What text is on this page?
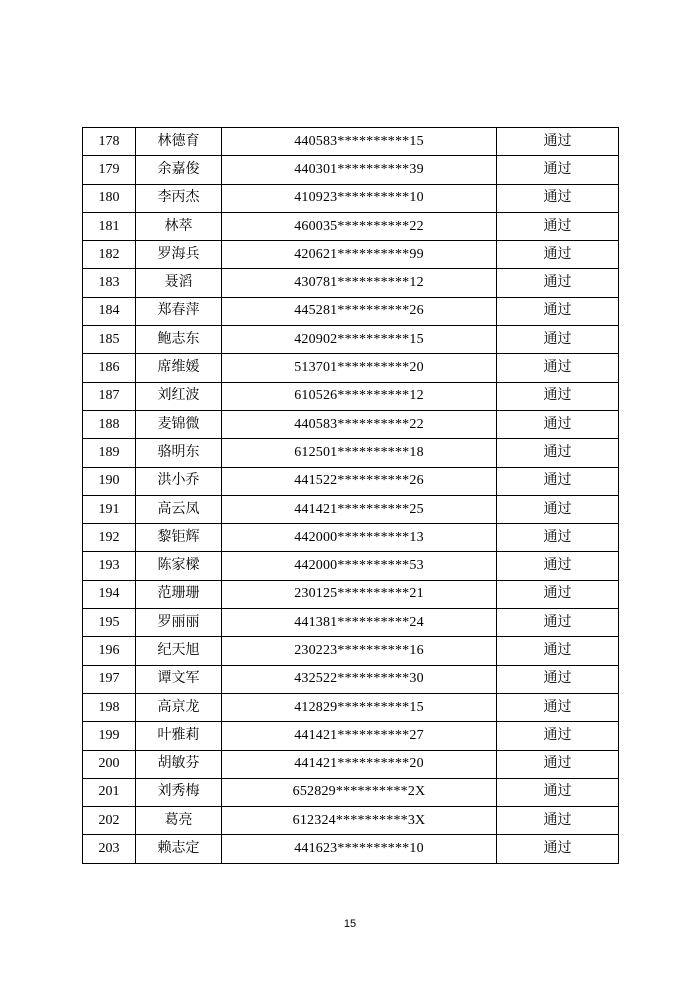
178	林德育	440583**********15	通过
179	余嘉俊	440301**********39	通过
180	李丙杰	410923**********10	通过
181	林萃	460035**********22	通过
182	罗海兵	420621**********99	通过
183	聂滔	430781**********12	通过
184	郑春萍	445281**********26	通过
185	鲍志东	420902**********15	通过
186	席维媛	513701**********20	通过
187	刘红波	610526**********12	通过
188	麦锦微	440583**********22	通过
189	骆明东	612501**********18	通过
190	洪小乔	441522**********26	通过
191	高云凤	441421**********25	通过
192	黎钜辉	442000**********13	通过
193	陈家樑	442000**********53	通过
194	范珊珊	230125**********21	通过
195	罗丽丽	441381**********24	通过
196	纪天旭	230223**********16	通过
197	谭文军	432522**********30	通过
198	高京龙	412829**********15	通过
199	叶雅莉	441421**********27	通过
200	胡敏芬	441421**********20	通过
201	刘秀梅	652829**********2X	通过
202	葛亮	612324**********3X	通过
203	赖志定	441623**********10	通过
15
